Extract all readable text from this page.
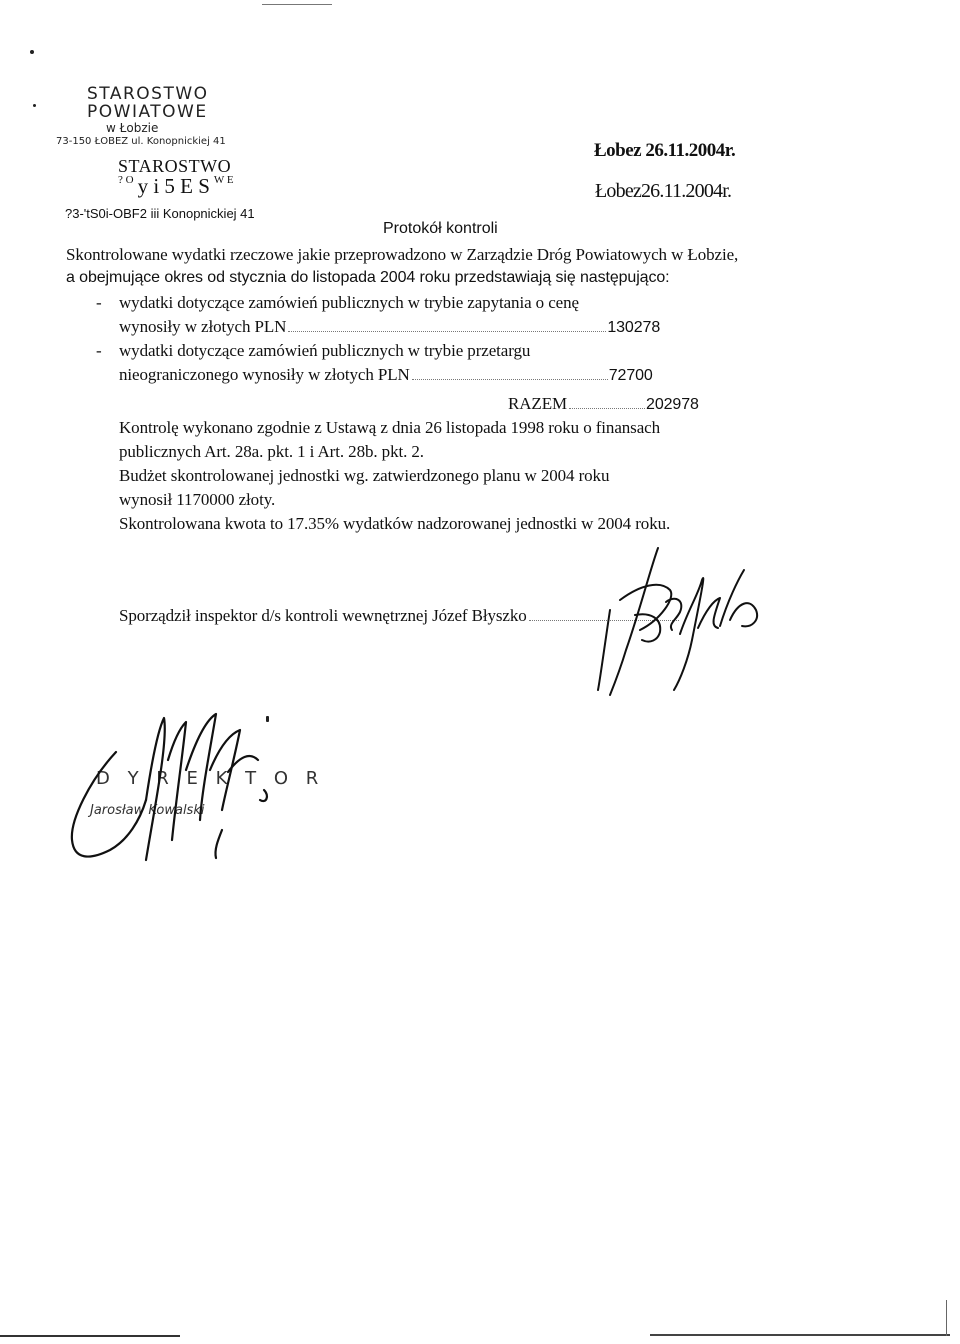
STAROSTWO
POWIATOWE
w Łobzie
73-150 ŁOBEZ ul. Konopnickiej 41
STAROSTWO
$^{? O}$ y i 5 E S $^{W E}$
?3-'tS0i-OBF2 iii Konopnickiej 41
Łobez 26.11.2004r.
Łobez26.11.2004r.
Protokół kontroli
Skontrolowane wydatki rzeczowe jakie przeprowadzono w Zarządzie Dróg Powiatowych w Łobzie,
a obejmujące okres od stycznia do listopada 2004 roku przedstawiają się następująco:
- wydatki dotyczące zamówień publicznych w trybie zapytania o cenę
wynosiły w złotych PLN	130278
- wydatki dotyczące zamówień publicznych w trybie przetargu
nieograniczonego wynosiły w złotych PLN	72700
RAZEM	202978
Kontrolę wykonano zgodnie z Ustawą z dnia 26 listopada 1998 roku o finansach
publicznych Art. 28a. pkt. 1 i Art. 28b. pkt. 2.
Budżet skontrolowanej jednostki wg. zatwierdzonego planu w 2004 roku
wynosił 1170000 złoty.
Skontrolowana kwota to 17.35% wydatków nadzorowanej jednostki w 2004 roku.
Sporządził inspektor d/s kontroli wewnętrznej Józef Błyszko
D Y R E K T O R
Jarosław Kowalski
